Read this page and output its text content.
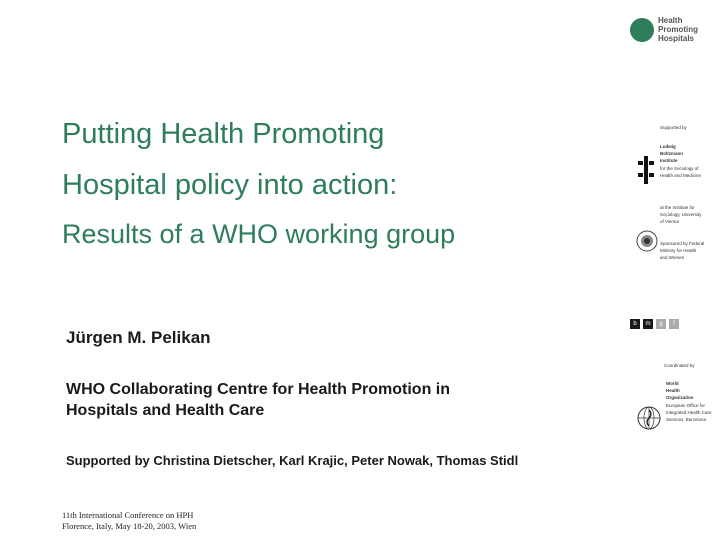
Health
Promoting
Hospitals
Putting Health Promoting
Hospital policy into action:
Results of a WHO working group
Jürgen M. Pelikan
WHO Collaborating Centre for Health Promotion in
Hospitals and Health Care
Supported by Christina Dietscher, Karl Krajic, Peter Nowak, Thomas Stidl
11th International Conference on HPH
Florence, Italy, May 18-20, 2003, Wien
Supported by
Ludwig
Boltzmann
Institute
for the Sociology of
Health and Medicine
at the Institute for
Sociology, University
of Vienna
Sponsored by Federal
Ministry for Health
and Women
b	m	g	f
Coordinated by
World
Health
Organization
European Office for
Integrated Health Care
Services, Barcelona
